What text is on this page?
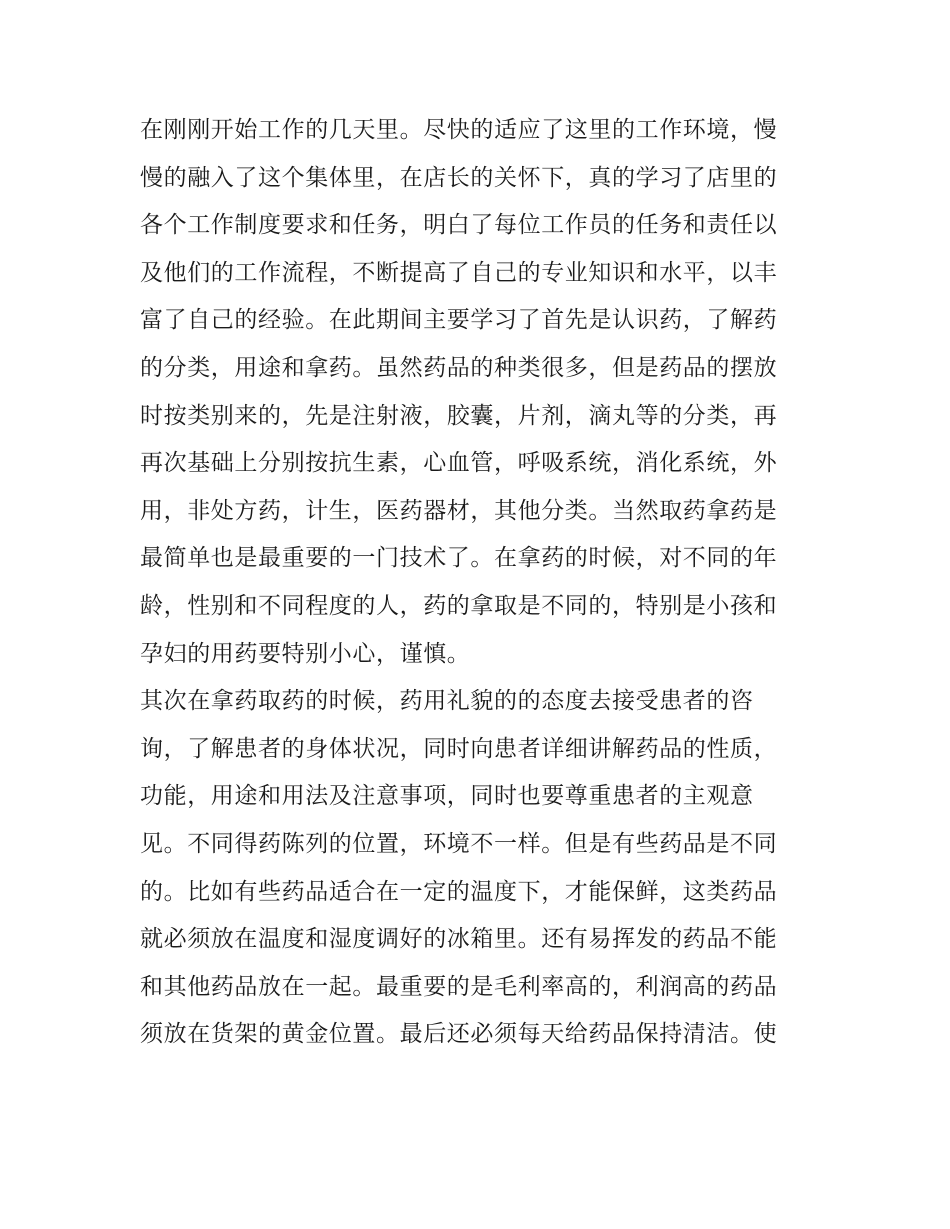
在刚刚开始工作的几天里。尽快的适应了这里的工作环境，慢
慢的融入了这个集体里，在店长的关怀下，真的学习了店里的
各个工作制度要求和任务，明白了每位工作员的任务和责任以
及他们的工作流程，不断提高了自己的专业知识和水平，以丰
富了自己的经验。在此期间主要学习了首先是认识药，了解药
的分类，用途和拿药。虽然药品的种类很多，但是药品的摆放
时按类别来的，先是注射液，胶囊，片剂，滴丸等的分类，再
再次基础上分别按抗生素，心血管，呼吸系统，消化系统，外
用，非处方药，计生，医药器材，其他分类。当然取药拿药是
最简单也是最重要的一门技术了。在拿药的时候，对不同的年
龄，性别和不同程度的人，药的拿取是不同的，特别是小孩和
孕妇的用药要特别小心，谨慎。
其次在拿药取药的时候，药用礼貌的的态度去接受患者的咨
询，了解患者的身体状况，同时向患者详细讲解药品的性质，
功能，用途和用法及注意事项，同时也要尊重患者的主观意
见。不同得药陈列的位置，环境不一样。但是有些药品是不同
的。比如有些药品适合在一定的温度下，才能保鲜，这类药品
就必须放在温度和湿度调好的冰箱里。还有易挥发的药品不能
和其他药品放在一起。最重要的是毛利率高的，利润高的药品
须放在货架的黄金位置。最后还必须每天给药品保持清洁。使
